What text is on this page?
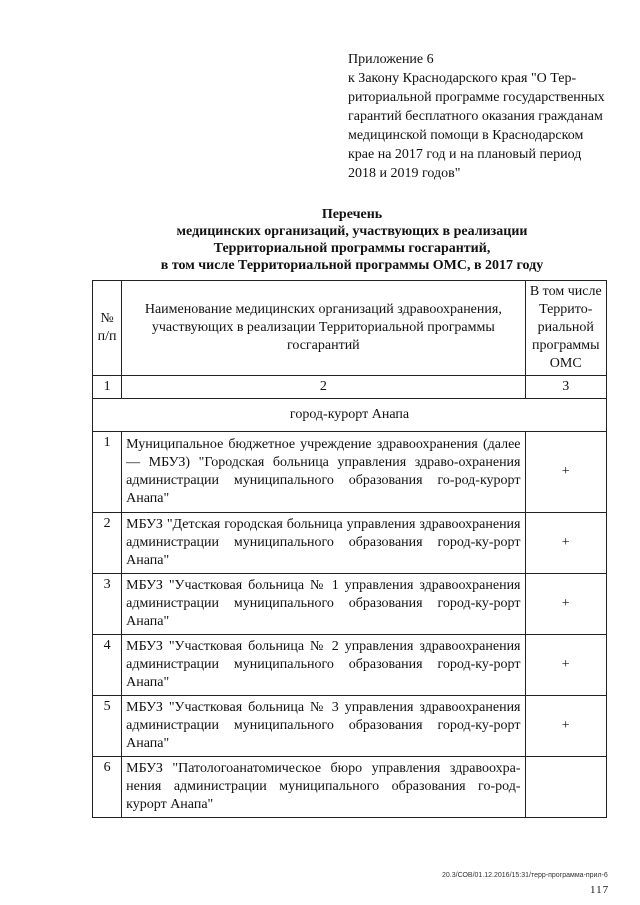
Приложение 6
к Закону Краснодарского края "О Тер-
риториальной программе государственных
гарантий бесплатного оказания гражданам
медицинской помощи в Краснодарском
крае на 2017 год и на плановый период
2018 и 2019 годов"
Перечень
медицинских организаций, участвующих в реализации
Территориальной программы госгарантий,
в том числе Территориальной программы ОМС, в 2017 году
№ п/п	Наименование медицинских организаций здравоохранения, участвующих в реализации Территориальной программы госгарантий	В том числе Террито-риальной программы ОМС
1	2	3
город-курорт Анапа		
1	Муниципальное бюджетное учреждение здравоохранения (далее — МБУЗ) "Городская больница управления здраво-охранения администрации муниципального образования го-род-курорт Анапа"	+
2	МБУЗ "Детская городская больница управления здравоохранения администрации муниципального образования город-ку-рорт Анапа"	+
3	МБУЗ "Участковая больница № 1 управления здравоохранения администрации муниципального образования город-ку-рорт Анапа"	+
4	МБУЗ "Участковая больница № 2 управления здравоохранения администрации муниципального образования город-ку-рорт Анапа"	+
5	МБУЗ "Участковая больница № 3 управления здравоохранения администрации муниципального образования город-ку-рорт Анапа"	+
6	МБУЗ "Патологоанатомическое бюро управления здравоохра-нения администрации муниципального образования го-род-курорт Анапа"	
20.3/СОВ/01.12.2016/15:31/терр-программа-прил-6
117
